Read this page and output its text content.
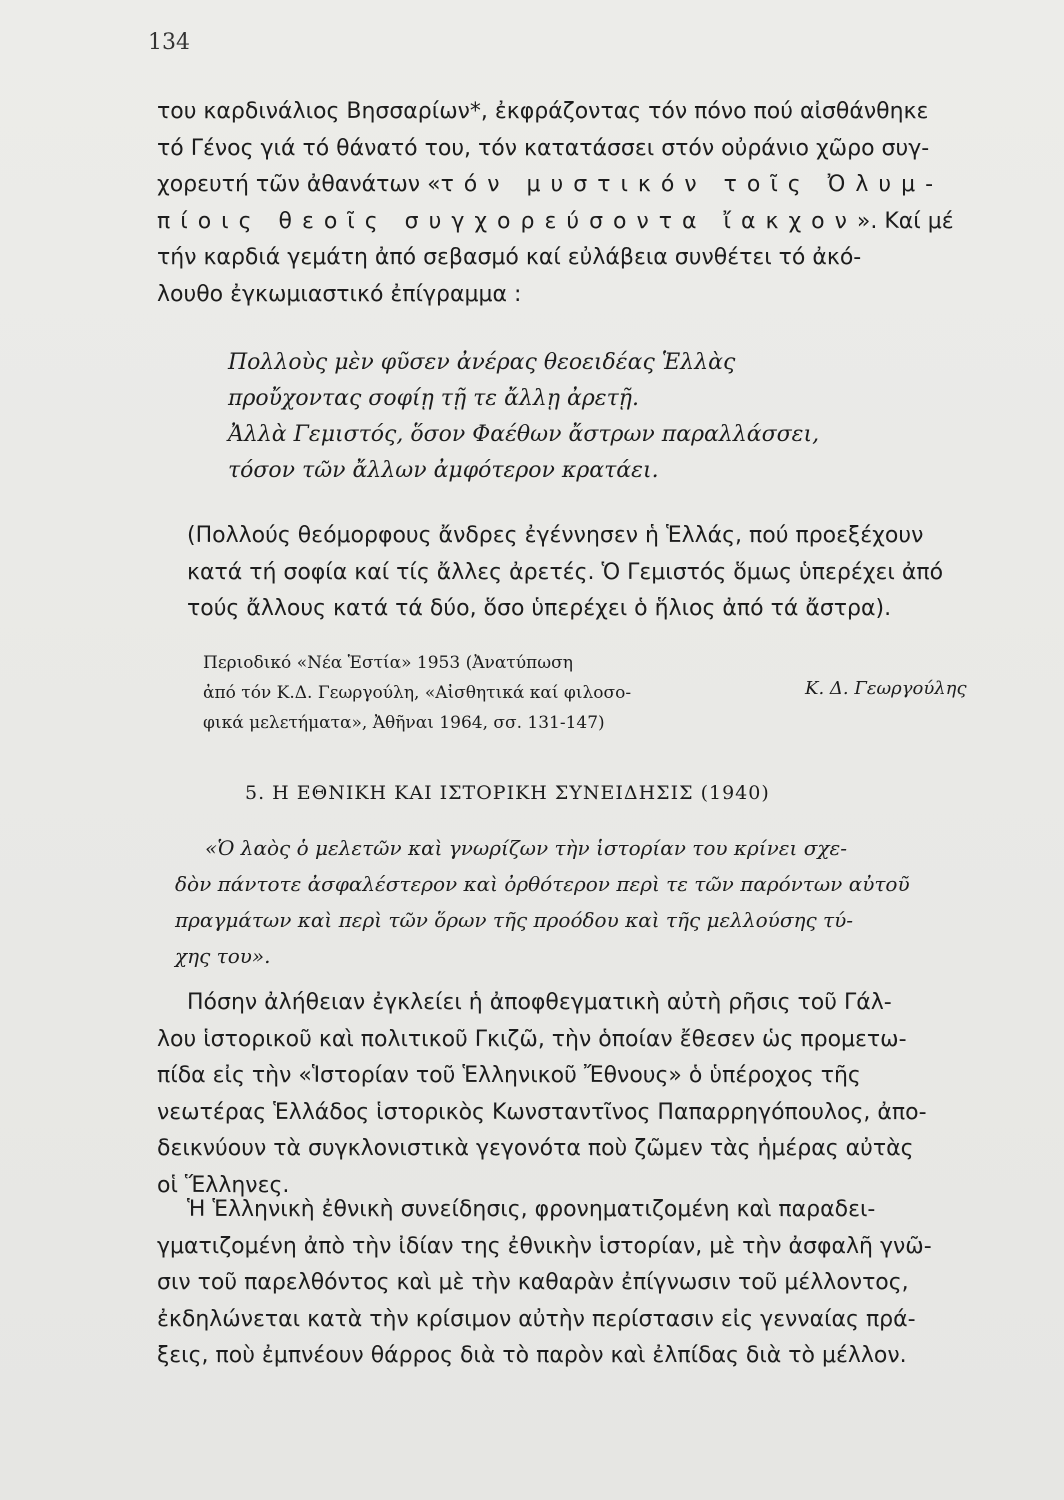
134

του καρδινάλιος Βησσαρίων*, ἐκφράζοντας τόν πόνο πού αἰσθάνθηκε
τό Γένος γιά τό θάνατό του, τόν κατατάσσει στόν οὐράνιο χῶρο συγ-
χορευτή τῶν ἀθανάτων «τόν μυστικόν τοῖς Ὀλυμ-
πίοις θεοῖς συγχορεύσοντα ἴακχον». Καί μέ
τήν καρδιά γεμάτη ἀπό σεβασμό καί εὐλάβεια συνθέτει τό ἀκό-
λουθο ἐγκωμιαστικό ἐπίγραμμα :

Πολλοὺς μὲν φῦσεν ἀνέρας θεοειδέας Ἑλλὰς
προὔχοντας σοφίῃ τῇ τε ἄλλῃ ἀρετῇ.
Ἀλλὰ Γεμιστός, ὅσον Φαέθων ἄστρων παραλλάσσει,
τόσον τῶν ἄλλων ἀμφότερον κρατάει.

(Πολλούς θεόμορφους ἄνδρες ἐγέννησεν ἡ Ἑλλάς, πού προεξέχουν
κατά τή σοφία καί τίς ἄλλες ἀρετές. Ὁ Γεμιστός ὅμως ὑπερέχει ἀπό
τούς ἄλλους κατά τά δύο, ὅσο ὑπερέχει ὁ ἥλιος ἀπό τά ἄστρα).

Περιοδικό «Νέα Ἑστία» 1953 (Ἀνατύπωση
ἀπό τόν Κ.Δ. Γεωργούλη, «Αἰσθητικά καί φιλοσο-
φικά μελετήματα», Ἀθῆναι 1964, σσ. 131-147)
Κ. Δ. Γεωργούλης
5. Η ΕΘΝΙΚΗ ΚΑΙ ΙΣΤΟΡΙΚΗ ΣΥΝΕΙΔΗΣΙΣ (1940)

«Ὁ λαὸς ὁ μελετῶν καὶ γνωρίζων τὴν ἱστορίαν του κρίνει σχε-
δὸν πάντοτε ἀσφαλέστερον καὶ ὀρθότερον περὶ τε τῶν παρόντων αὐτοῦ
πραγμάτων καὶ περὶ τῶν ὅρων τῆς προόδου καὶ τῆς μελλούσης τύ-
χης του».

Πόσην ἀλήθειαν ἐγκλείει ἡ ἀποφθεγματικὴ αὐτὴ ρῆσις τοῦ Γάλ-
λου ἱστορικοῦ καὶ πολιτικοῦ Γκιζῶ, τὴν ὁποίαν ἔθεσεν ὡς προμετω-
πίδα εἰς τὴν «Ἱστορίαν τοῦ Ἑλληνικοῦ Ἔθνους» ὁ ὑπέροχος τῆς
νεωτέρας Ἑλλάδος ἱστορικὸς Κωνσταντῖνος Παπαρρηγόπουλος, ἀπο-
δεικνύουν τὰ συγκλονιστικὰ γεγονότα ποὺ ζῶμεν τὰς ἡμέρας αὐτὰς
οἱ Ἕλληνες.

Ἡ Ἑλληνικὴ ἐθνικὴ συνείδησις, φρονηματιζομένη καὶ παραδει-
γματιζομένη ἀπὸ τὴν ἰδίαν της ἐθνικὴν ἱστορίαν, μὲ τὴν ἀσφαλῆ γνῶ-
σιν τοῦ παρελθόντος καὶ μὲ τὴν καθαρὰν ἐπίγνωσιν τοῦ μέλλοντος,
ἐκδηλώνεται κατὰ τὴν κρίσιμον αὐτὴν περίστασιν εἰς γενναίας πρά-
ξεις, ποὺ ἐμπνέουν θάρρος διὰ τὸ παρὸν καὶ ἐλπίδας διὰ τὸ μέλλον.
